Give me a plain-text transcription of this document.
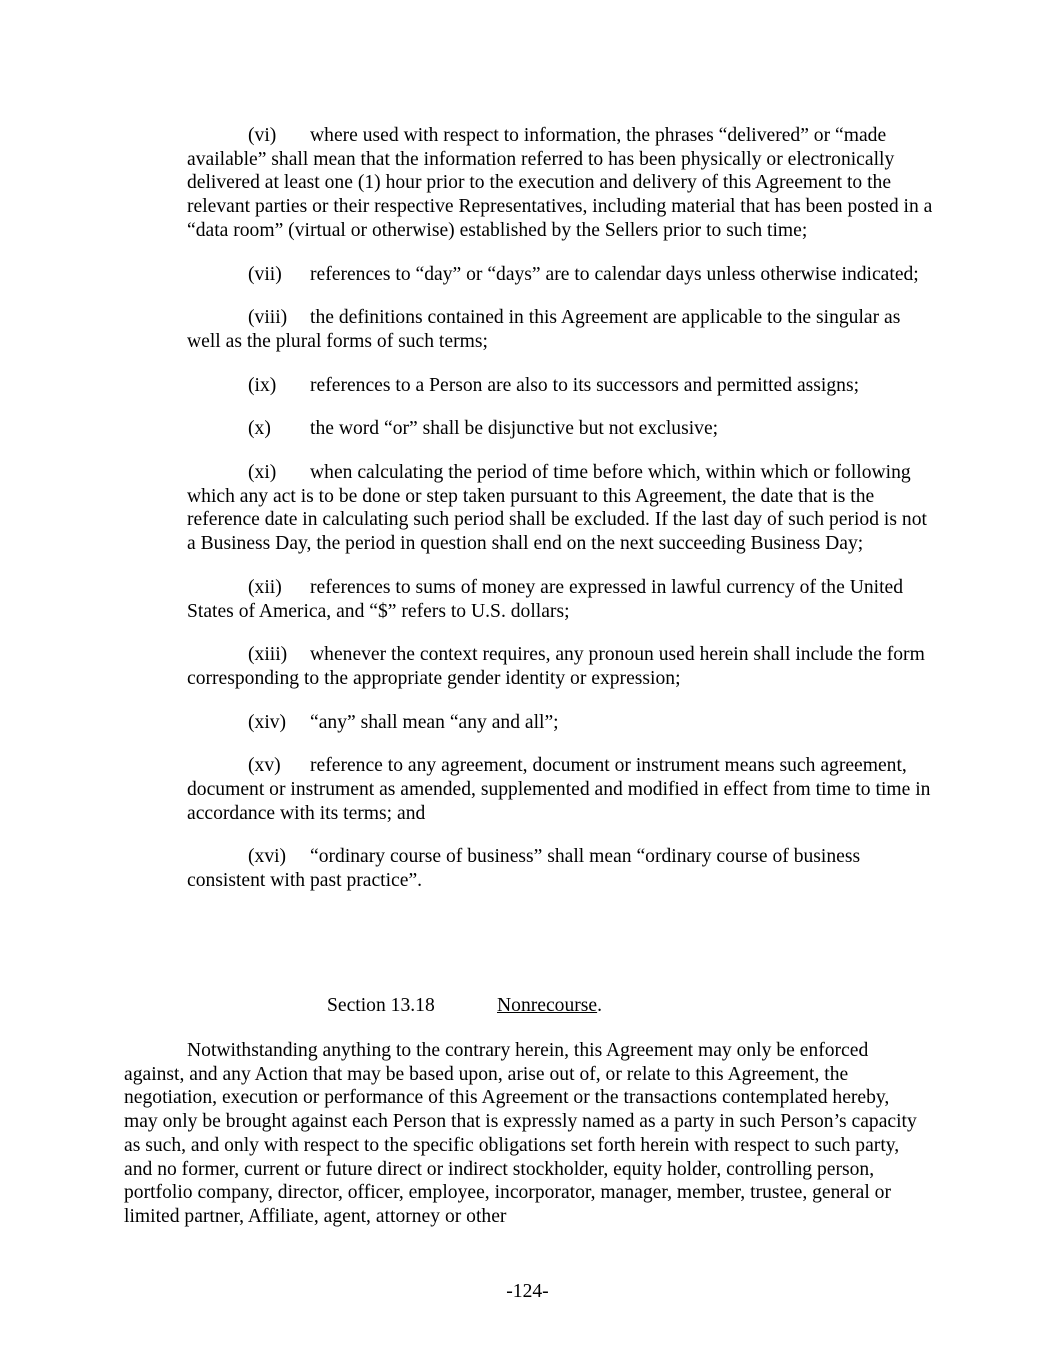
(vi) where used with respect to information, the phrases “delivered” or “made available” shall mean that the information referred to has been physically or electronically delivered at least one (1) hour prior to the execution and delivery of this Agreement to the relevant parties or their respective Representatives, including material that has been posted in a “data room” (virtual or otherwise) established by the Sellers prior to such time;

(vii) references to “day” or “days” are to calendar days unless otherwise indicated;

(viii) the definitions contained in this Agreement are applicable to the singular as well as the plural forms of such terms;

(ix) references to a Person are also to its successors and permitted assigns;

(x) the word “or” shall be disjunctive but not exclusive;

(xi) when calculating the period of time before which, within which or following which any act is to be done or step taken pursuant to this Agreement, the date that is the reference date in calculating such period shall be excluded. If the last day of such period is not a Business Day, the period in question shall end on the next succeeding Business Day;

(xii) references to sums of money are expressed in lawful currency of the United States of America, and “$” refers to U.S. dollars;

(xiii) whenever the context requires, any pronoun used herein shall include the form corresponding to the appropriate gender identity or expression;

(xiv) “any” shall mean “any and all”;

(xv) reference to any agreement, document or instrument means such agreement, document or instrument as amended, supplemented and modified in effect from time to time in accordance with its terms; and

(xvi) “ordinary course of business” shall mean “ordinary course of business consistent with past practice”.

Section 13.18	Nonrecourse.

Notwithstanding anything to the contrary herein, this Agreement may only be enforced against, and any Action that may be based upon, arise out of, or relate to this Agreement, the negotiation, execution or performance of this Agreement or the transactions contemplated hereby, may only be brought against each Person that is expressly named as a party in such Person’s capacity as such, and only with respect to the specific obligations set forth herein with respect to such party, and no former, current or future direct or indirect stockholder, equity holder, controlling person, portfolio company, director, officer, employee, incorporator, manager, member, trustee, general or limited partner, Affiliate, agent, attorney or other

-124-
